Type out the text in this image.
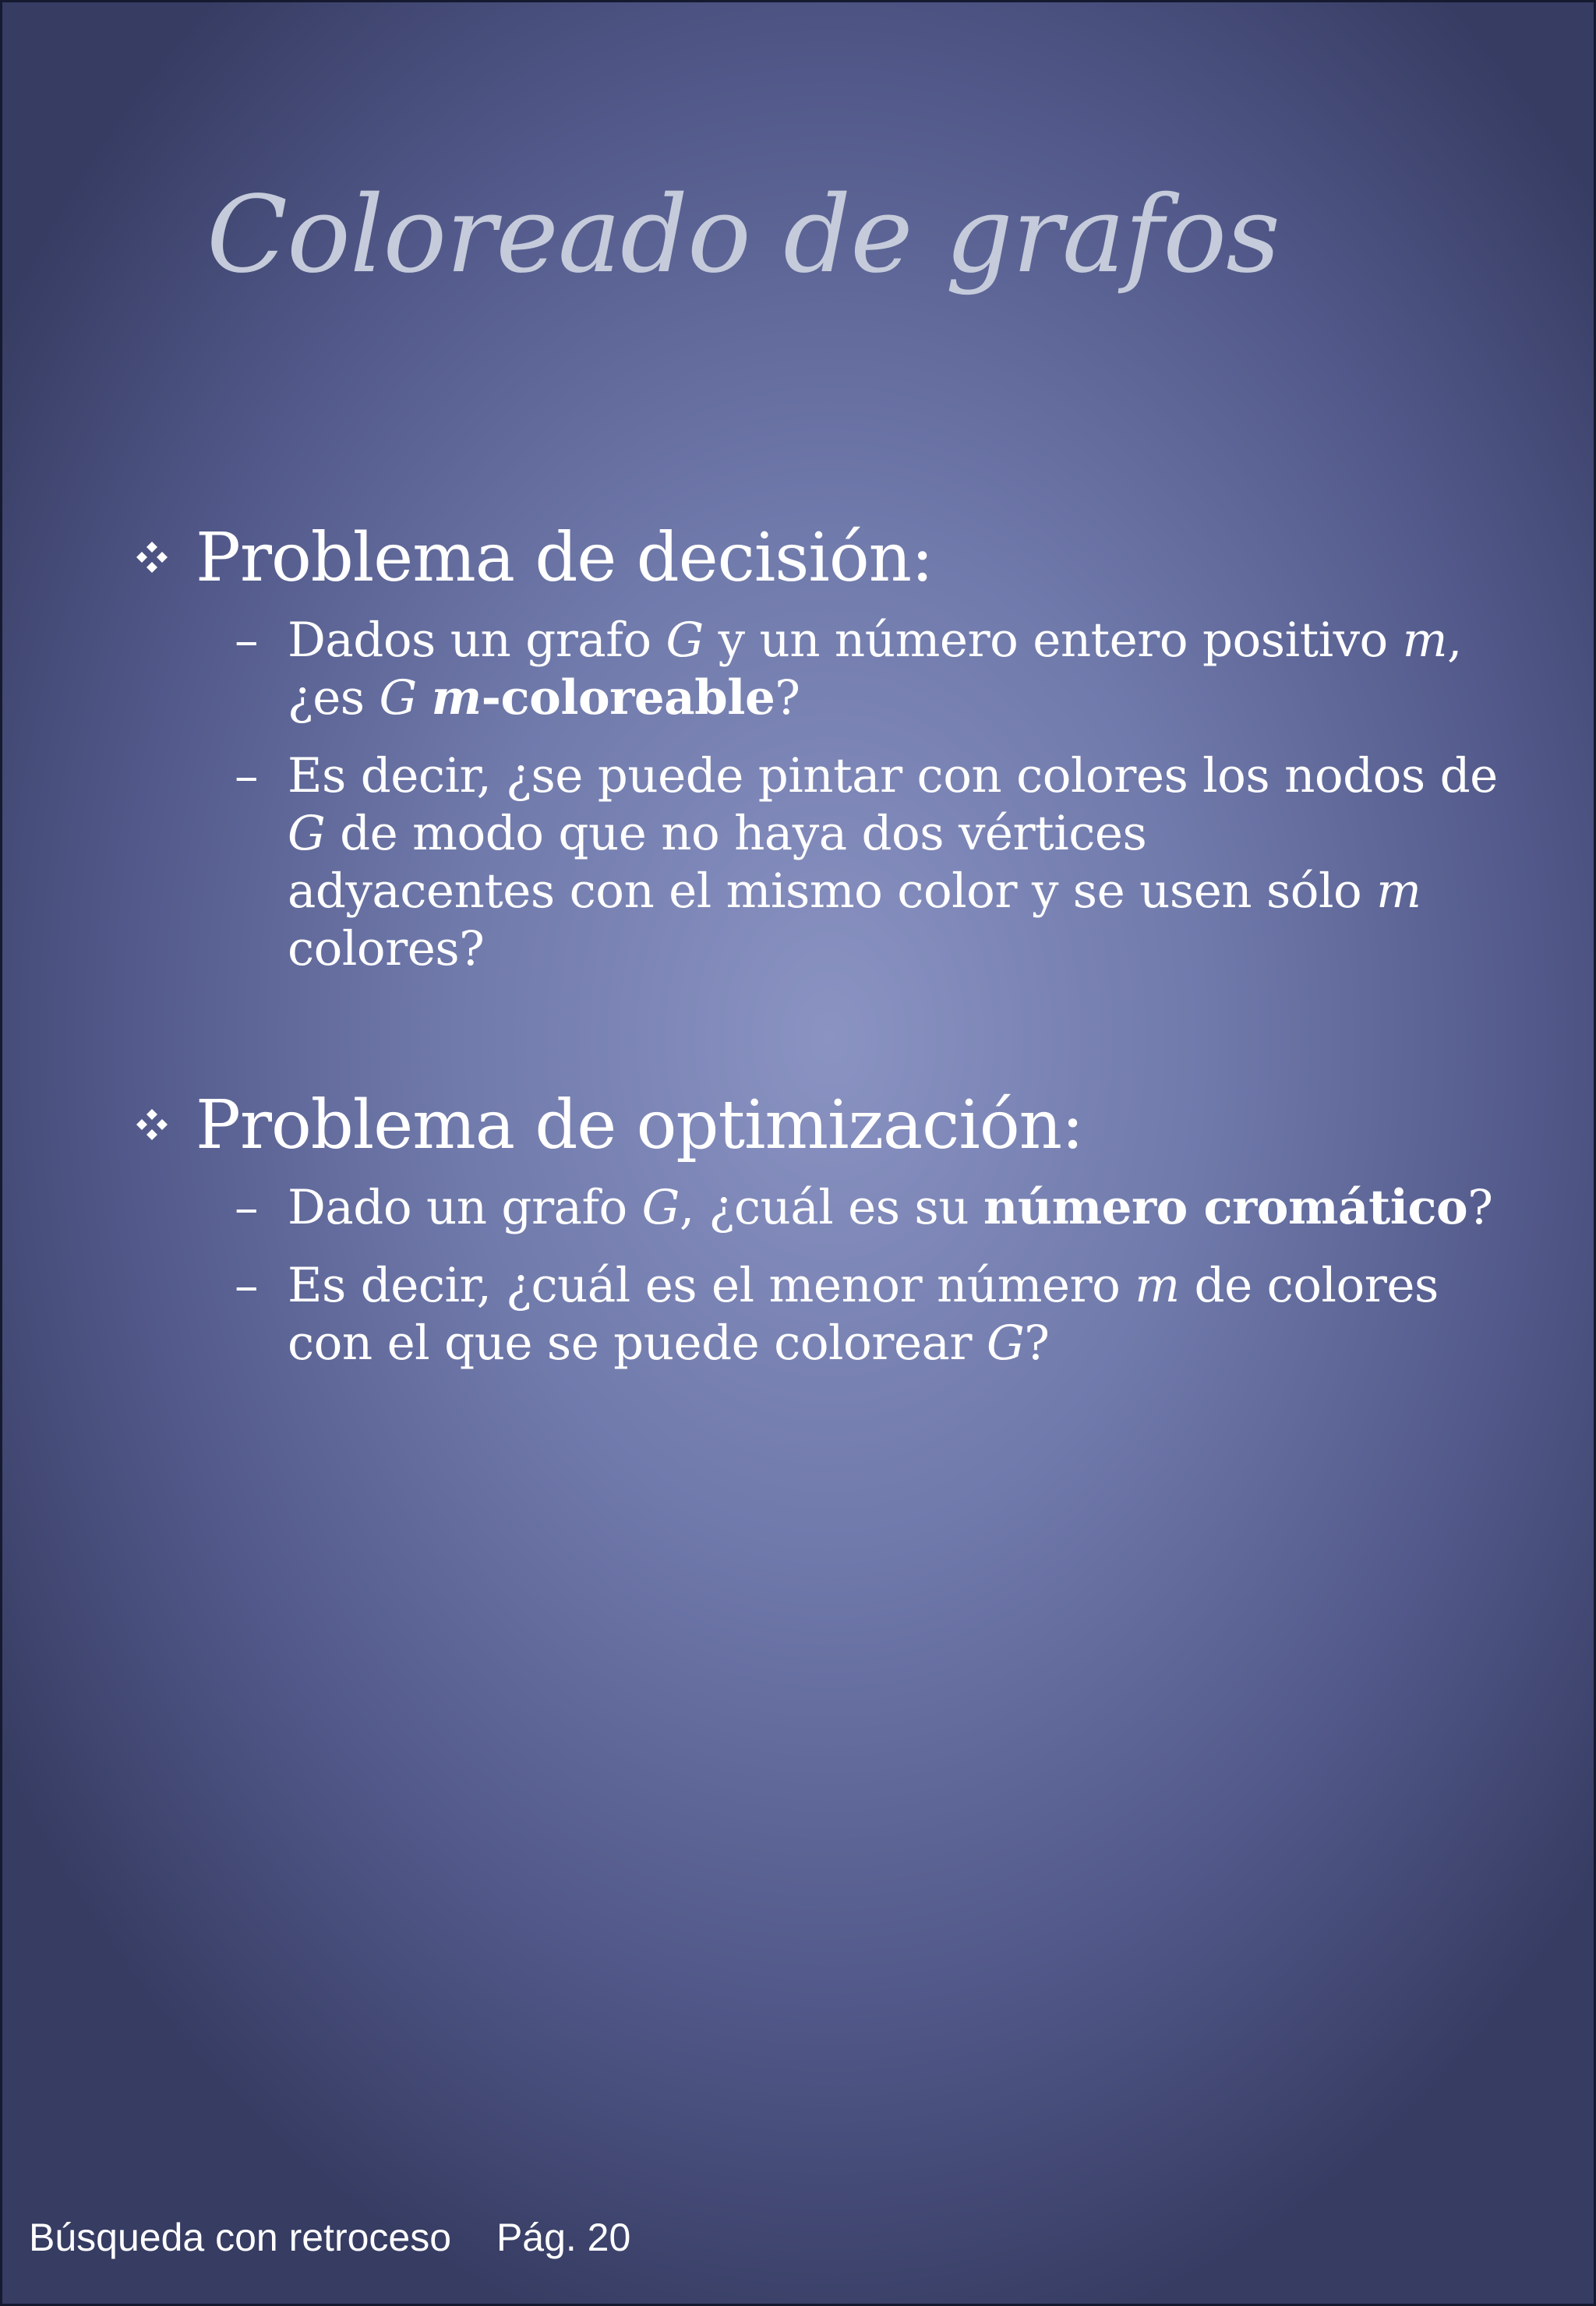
Coloreado de grafos
Problema de decisión:
– Dados un grafo G y un número entero positivo m,

¿es G m-coloreable?

– Es decir, ¿se puede pintar con colores los nodos de

G de modo que no haya dos vértices

adyacentes con el mismo color y se usen sólo m

colores?

Problema de optimización:
– Dado un grafo G, ¿cuál es su número cromático?

– Es decir, ¿cuál es el menor número m de colores

con el que se puede colorear G?

Búsqueda con retroceso Pág. 20
